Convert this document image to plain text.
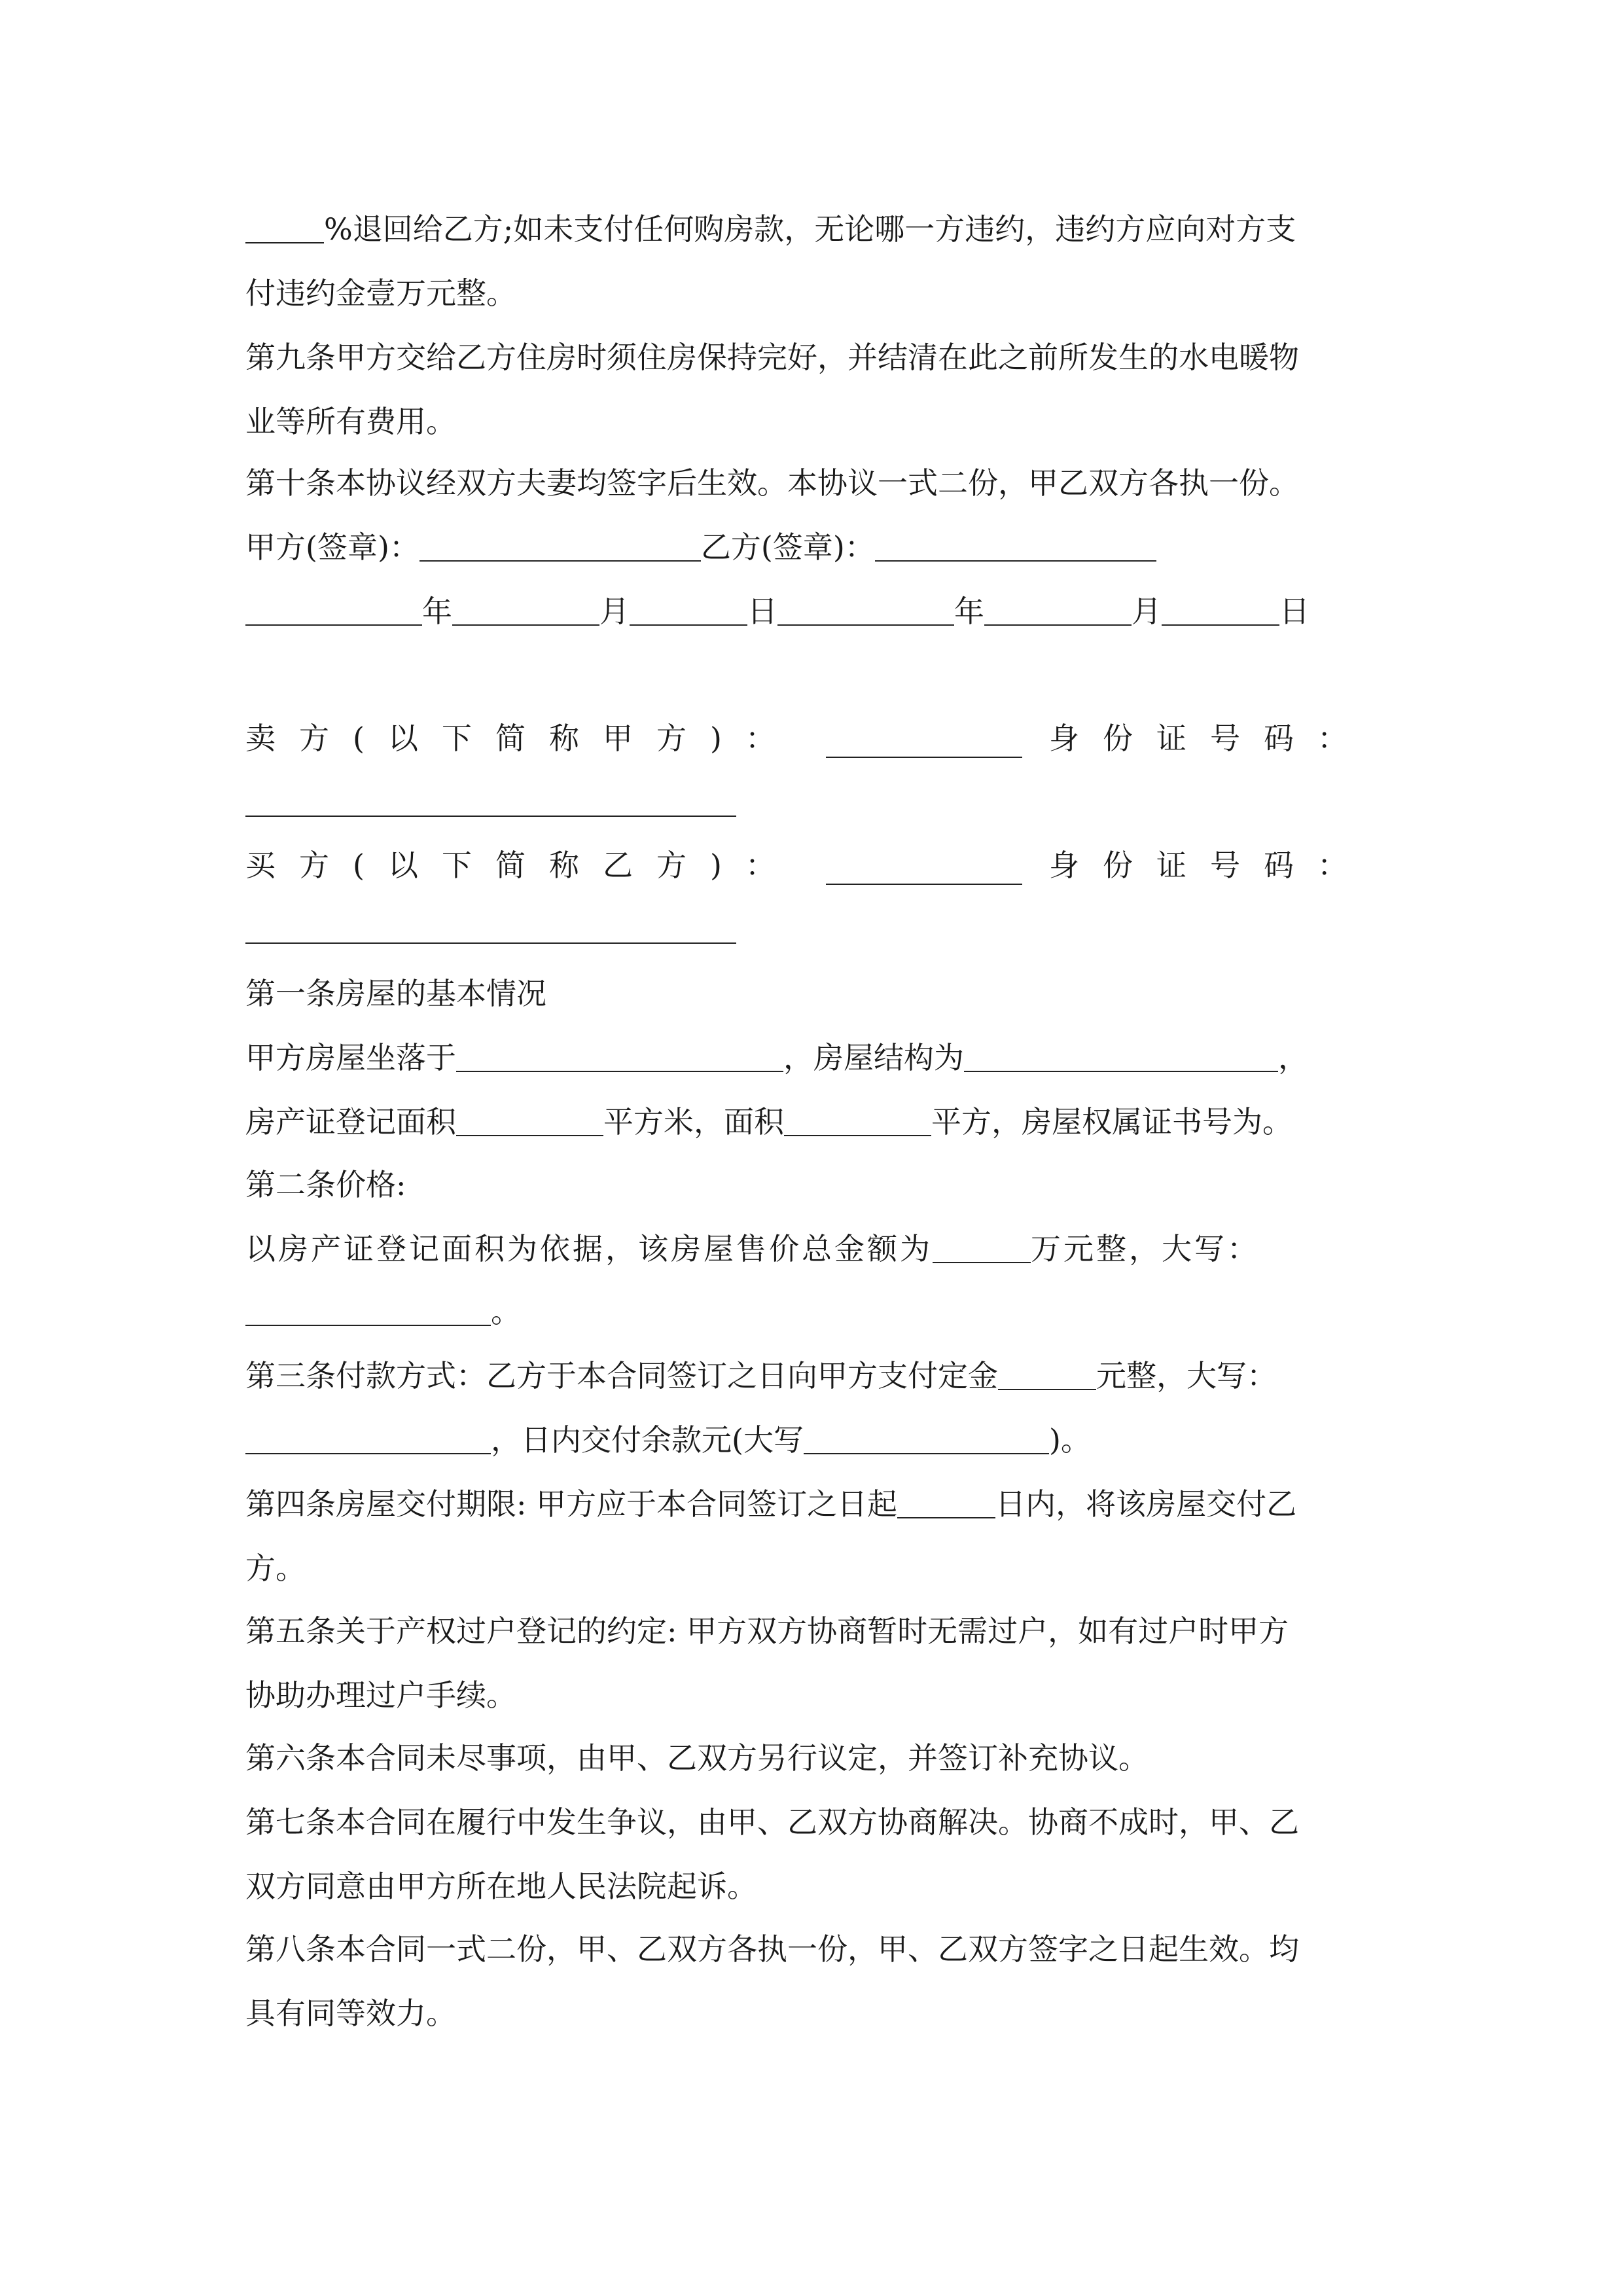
%退回给乙方;如未支付任何购房款，无论哪一方违约，违约方应向对方支
付违约金壹万元整。
第九条甲方交给乙方住房时须住房保持完好，并结清在此之前所发生的水电暖物
业等所有费用。
第十条本协议经双方夫妻均签字后生效。本协议一式二份，甲乙双方各执一份。
甲方(签章)：	乙方(签章)：
年	月	日	年	月	日
卖方(以下简称甲方)：	身份证号码：
买方(以下简称乙方)：	身份证号码：
第一条房屋的基本情况
甲方房屋坐落于	，房屋结构为	，
房产证登记面积	平方米，面积	平方，房屋权属证书号为。
第二条价格:
以房产证登记面积为依据，该房屋售价总金额为	万元整，大写：
。
第三条付款方式：乙方于本合同签订之日向甲方支付定金	元整，大写：
，日内交付余款元(大写	)。
第四条房屋交付期限: 甲方应于本合同签订之日起	日内，将该房屋交付乙
方。
第五条关于产权过户登记的约定: 甲方双方协商暂时无需过户，如有过户时甲方
协助办理过户手续。
第六条本合同未尽事项，由甲、乙双方另行议定，并签订补充协议。
第七条本合同在履行中发生争议，由甲、乙双方协商解决。协商不成时，甲、乙
双方同意由甲方所在地人民法院起诉。
第八条本合同一式二份，甲、乙双方各执一份，甲、乙双方签字之日起生效。均
具有同等效力。
